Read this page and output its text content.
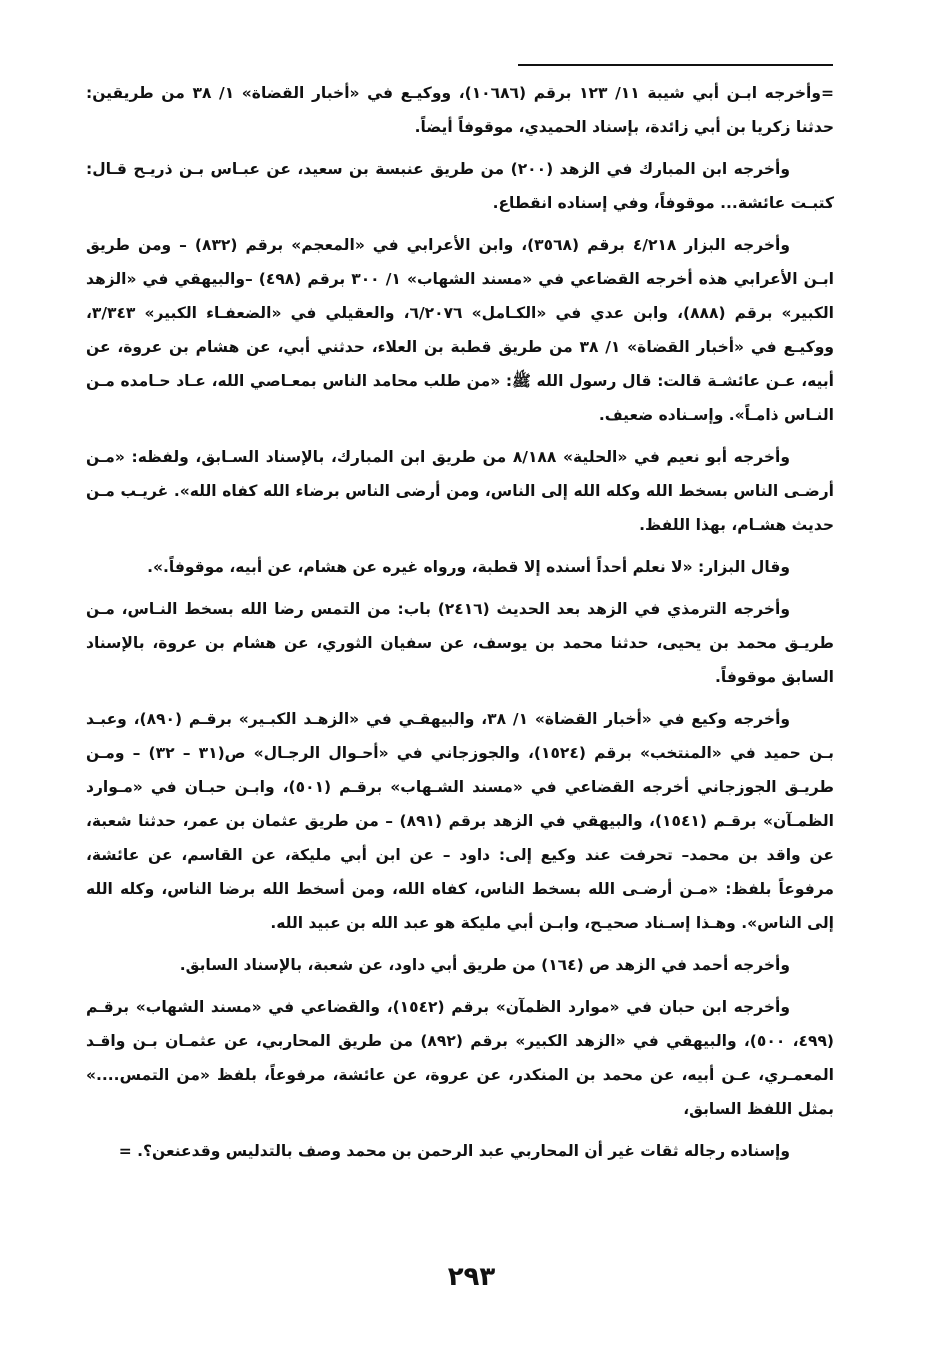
=وأخرجه ابـن أبي شيبة ١١/ ١٢٣ برقم (١٠٦٨٦)، ووكيـع في «أخبار القضاة» ١/ ٣٨ من طريقين: حدثنا زكريا بن أبي زائدة، بإسناد الحميدي، موقوفاً أيضاً.

وأخرجه ابن المبارك في الزهد (٢٠٠) من طريق عنبسة بن سعيد، عن عبـاس بـن ذريـح قـال: كتبـت عائشة... موقوفاً، وفي إسناده انقطاع.

وأخرجه البزار ٤/٢١٨ برقم (٣٥٦٨)، وابن الأعرابي في «المعجم» برقم (٨٣٢) – ومن طريق ابـن الأعرابي هذه أخرجه القضاعي في «مسند الشهاب» ١/ ٣٠٠ برقم (٤٩٨) –والبيهقي في «الزهد الكبير» برقم (٨٨٨)، وابن عدي في «الكـامل» ٦/٢٠٧٦، والعقيلي في «الضعفـاء الكبير» ٣/٣٤٣، ووكيـع في «أخبار القضاة» ١/ ٣٨ من طريق قطبة بن العلاء، حدثني أبي، عن هشام بن عروة، عن أبيه، عـن عائشـة قالت: قال رسول الله ﷺ: «من طلب محامد الناس بمعـاصي الله، عـاد حـامده مـن النـاس ذامـاً». وإسـناده ضعيف.

وأخرجه أبو نعيم في «الحلية» ٨/١٨٨ من طريق ابن المبارك، بالإسناد السـابق، ولفظه: «مـن أرضـى الناس بسخط الله وكله الله إلى الناس، ومن أرضى الناس برضاء الله كفاه الله». غريـب مـن حديث هشـام، بهذا اللفظ.

وقال البزار: «لا نعلم أحداً أسنده إلا قطبة، ورواه غيره عن هشام، عن أبيه، موقوفاً.».

وأخرجه الترمذي في الزهد بعد الحديث (٢٤١٦) باب: من التمس رضا الله بسخط النـاس، مـن طريـق محمد بن يحيى، حدثنا محمد بن يوسف، عن سفيان الثوري، عن هشام بن عروة، بالإسناد السابق موقوفاً.

وأخرجه وكيع في «أخبار القضاة» ١/ ٣٨، والبيهقـي في «الزهـد الكبـير» برقـم (٨٩٠)، وعبـد بـن حميد في «المنتخب» برقم (١٥٢٤)، والجوزجاني في «أحـوال الرجـال» ص(٣١ – ٣٢) – ومـن طريـق الجوزجاني أخرجه القضاعي في «مسند الشـهاب» برقـم (٥٠١)، وابـن حبـان في «مـوارد الظمـآن» برقـم (١٥٤١)، والبيهقي في الزهد برقم (٨٩١) – من طريق عثمان بن عمر، حدثنا شعبة، عن واقد بن محمد– تحرفت عند وكيع إلى: داود – عن ابن أبي مليكة، عن القاسم، عن عائشة، مرفوعاً بلفظ: «مـن أرضـى الله بسخط الناس، كفاه الله، ومن أسخط الله برضا الناس، وكله الله إلى الناس». وهـذا إسـناد صحيـح، وابـن أبي مليكة هو عبد الله بن عبيد الله.

وأخرجه أحمد في الزهد ص (١٦٤) من طريق أبي داود، عن شعبة، بالإسناد السابق.

وأخرجه ابن حبان في «موارد الظمآن» برقم (١٥٤٢)، والقضاعي في «مسند الشهاب» برقـم (٤٩٩، ٥٠٠)، والبيهقي في «الزهد الكبير» برقم (٨٩٢) من طريق المحاربي، عن عثمـان بـن واقـد المعمـري، عـن أبيه، عن محمد بن المنكدر، عن عروة، عن عائشة، مرفوعاً، بلفظ «من التمس....» بمثل اللفظ السابق،

وإسناده رجاله ثقات غير أن المحاربي عبد الرحمن بن محمد وصف بالتدليس وقدعنعن؟. =

٢٩٣
